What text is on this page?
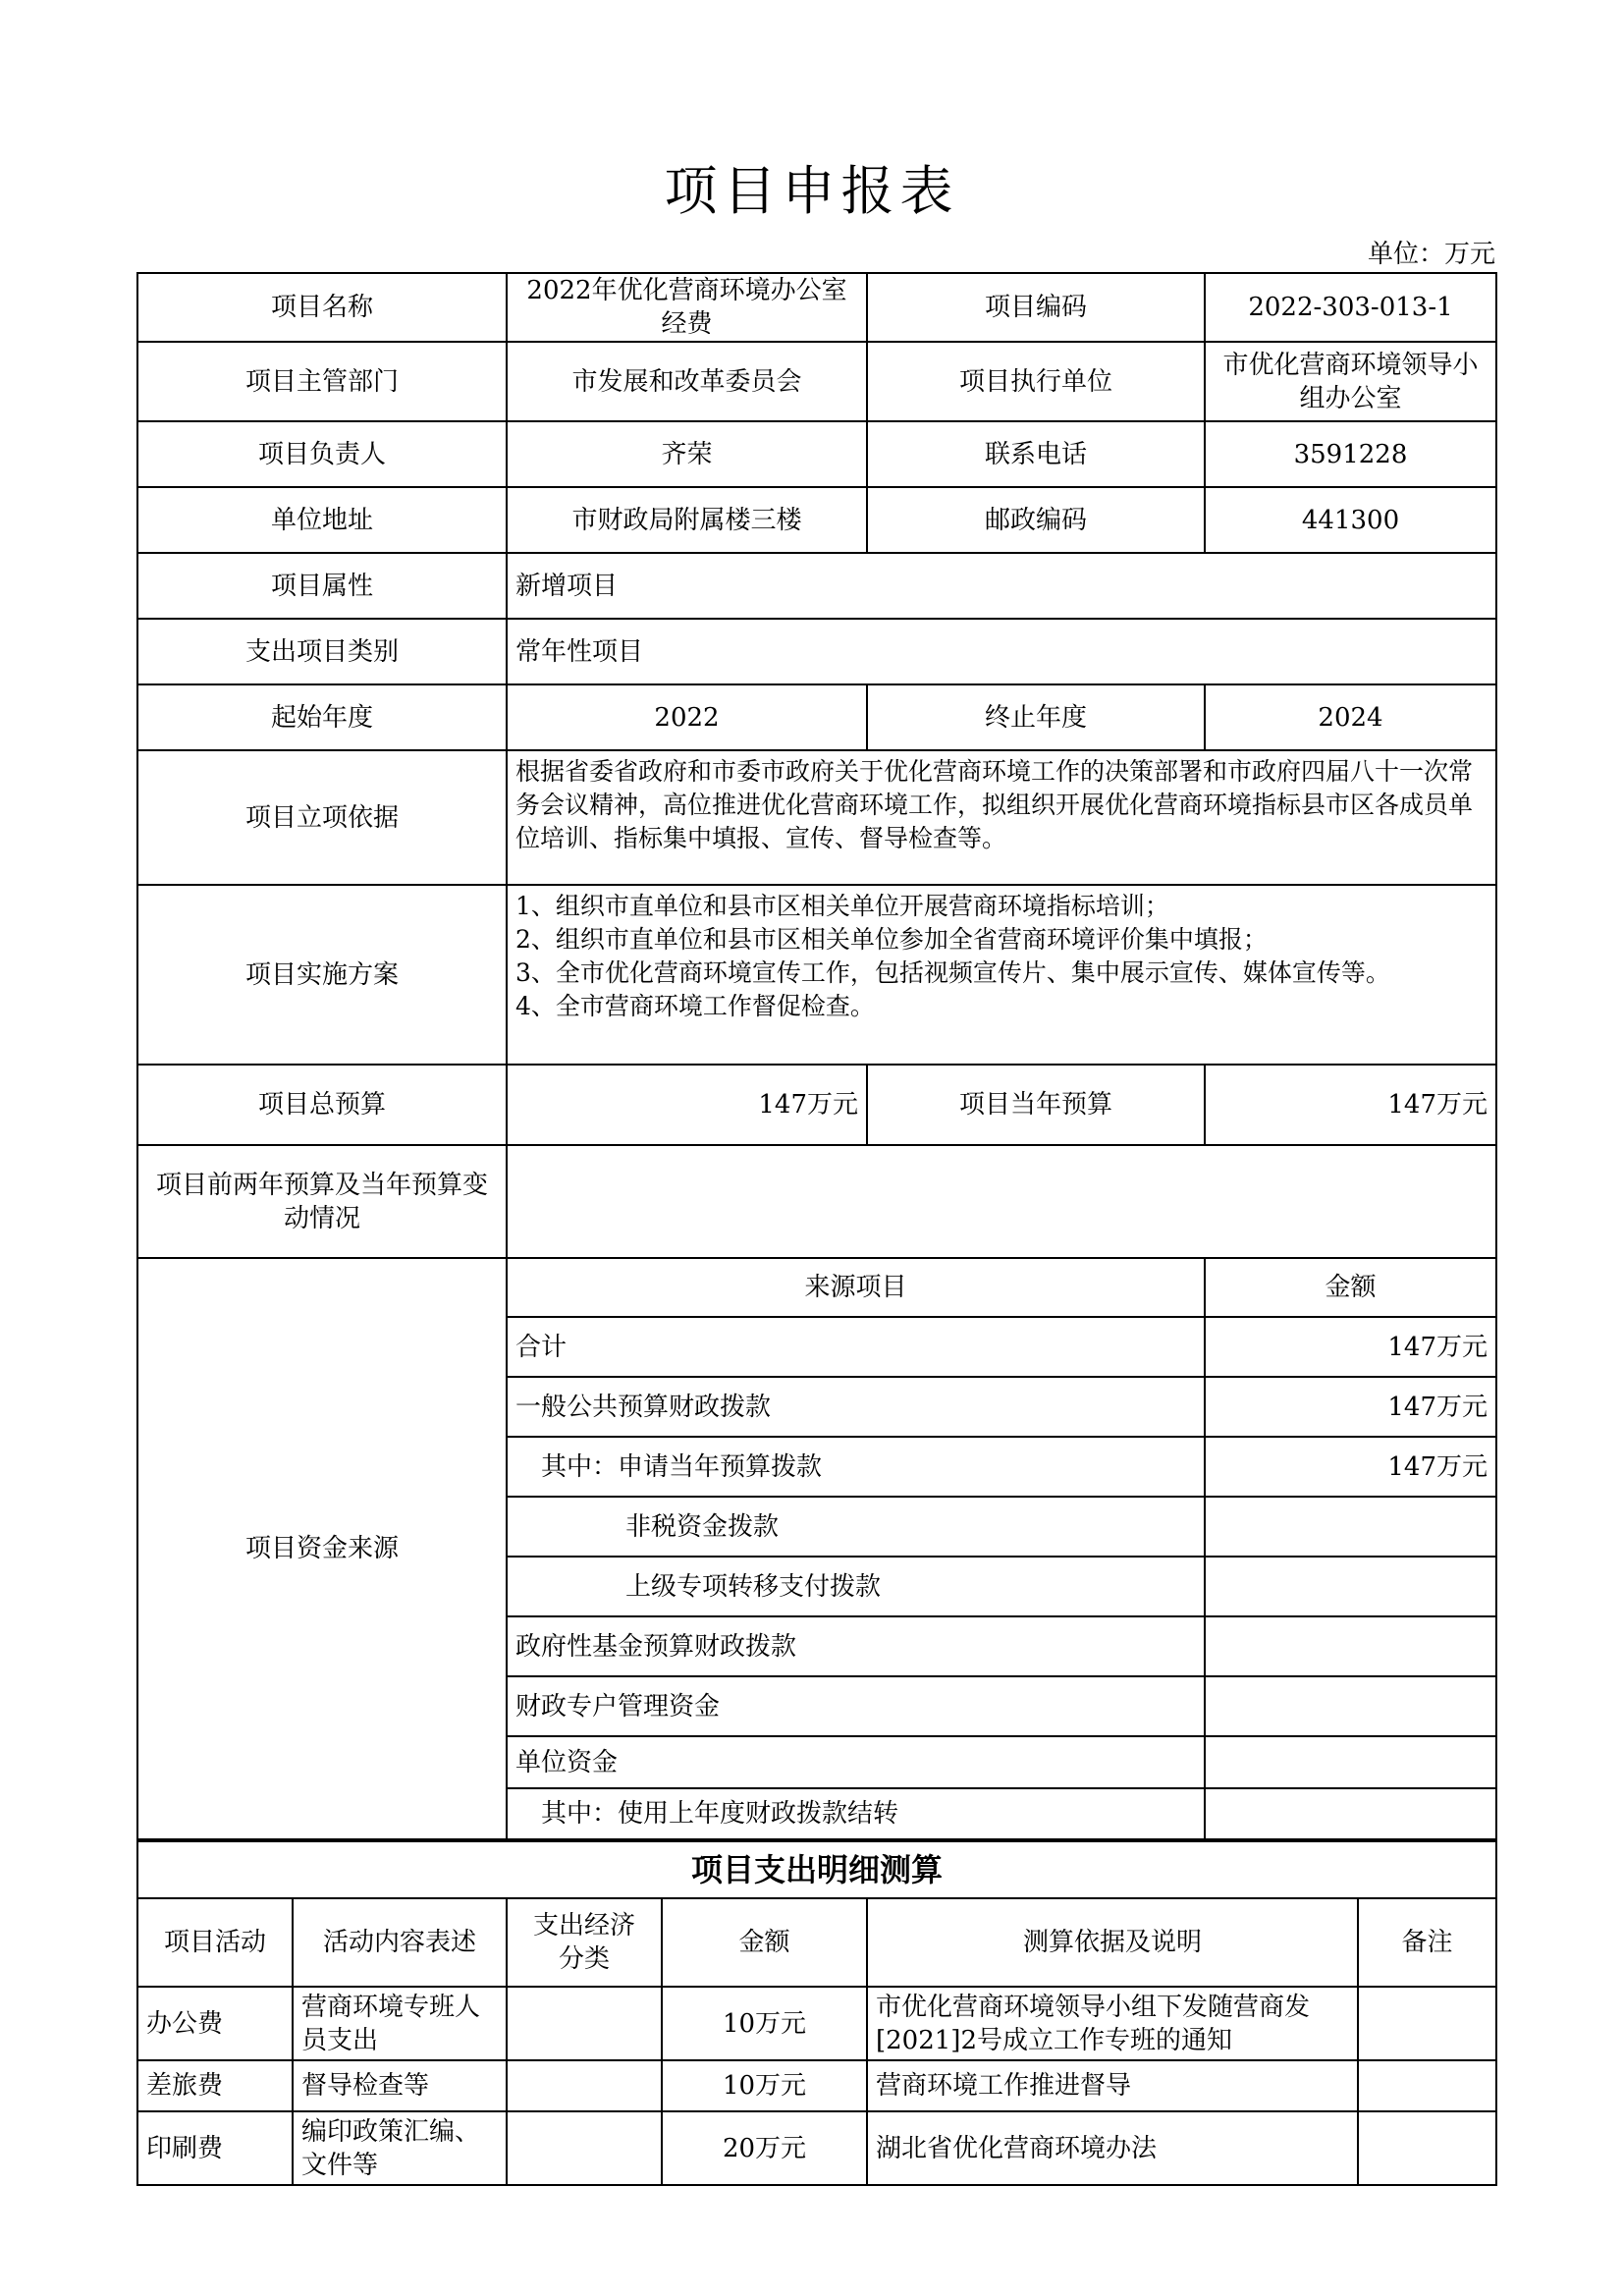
项目申报表
单位：万元
项目名称	2022年优化营商环境办公室经费	项目编码	2022-303-013-1
项目主管部门	市发展和改革委员会	项目执行单位	市优化营商环境领导小组办公室
项目负责人	齐荣	联系电话	3591228
单位地址	市财政局附属楼三楼	邮政编码	441300
项目属性	新增项目		
支出项目类别	常年性项目		
起始年度	2022	终止年度	2024
项目立项依据	根据省委省政府和市委市政府关于优化营商环境工作的决策部署和市政府四届八十一次常务会议精神，高位推进优化营商环境工作，拟组织开展优化营商环境指标县市区各成员单位培训、指标集中填报、宣传、督导检查等。		
项目实施方案	1、组织市直单位和县市区相关单位开展营商环境指标培训；
2、组织市直单位和县市区相关单位参加全省营商环境评价集中填报；
3、全市优化营商环境宣传工作，包括视频宣传片、集中展示宣传、媒体宣传等。
4、全市营商环境工作督促检查。		

项目总预算	147万元	项目当年预算	147万元
项目前两年预算及当年预算变动情况			
项目资金来源	来源项目		金额
	合计		147万元
	一般公共预算财政拨款		147万元
	其中：申请当年预算拨款		147万元
	非税资金拨款		
	上级专项转移支付拨款		
	政府性基金预算财政拨款		
	财政专户管理资金		
	单位资金		
	其中：使用上年度财政拨款结转		
项目支出明细测算					
项目活动	活动内容表述	支出经济分类	金额	测算依据及说明	备注
办公费	营商环境专班人员支出		10万元	市优化营商环境领导小组下发随营商发[2021]2号成立工作专班的通知	
差旅费	督导检查等		10万元	营商环境工作推进督导	
印刷费	编印政策汇编、文件等		20万元	湖北省优化营商环境办法	
